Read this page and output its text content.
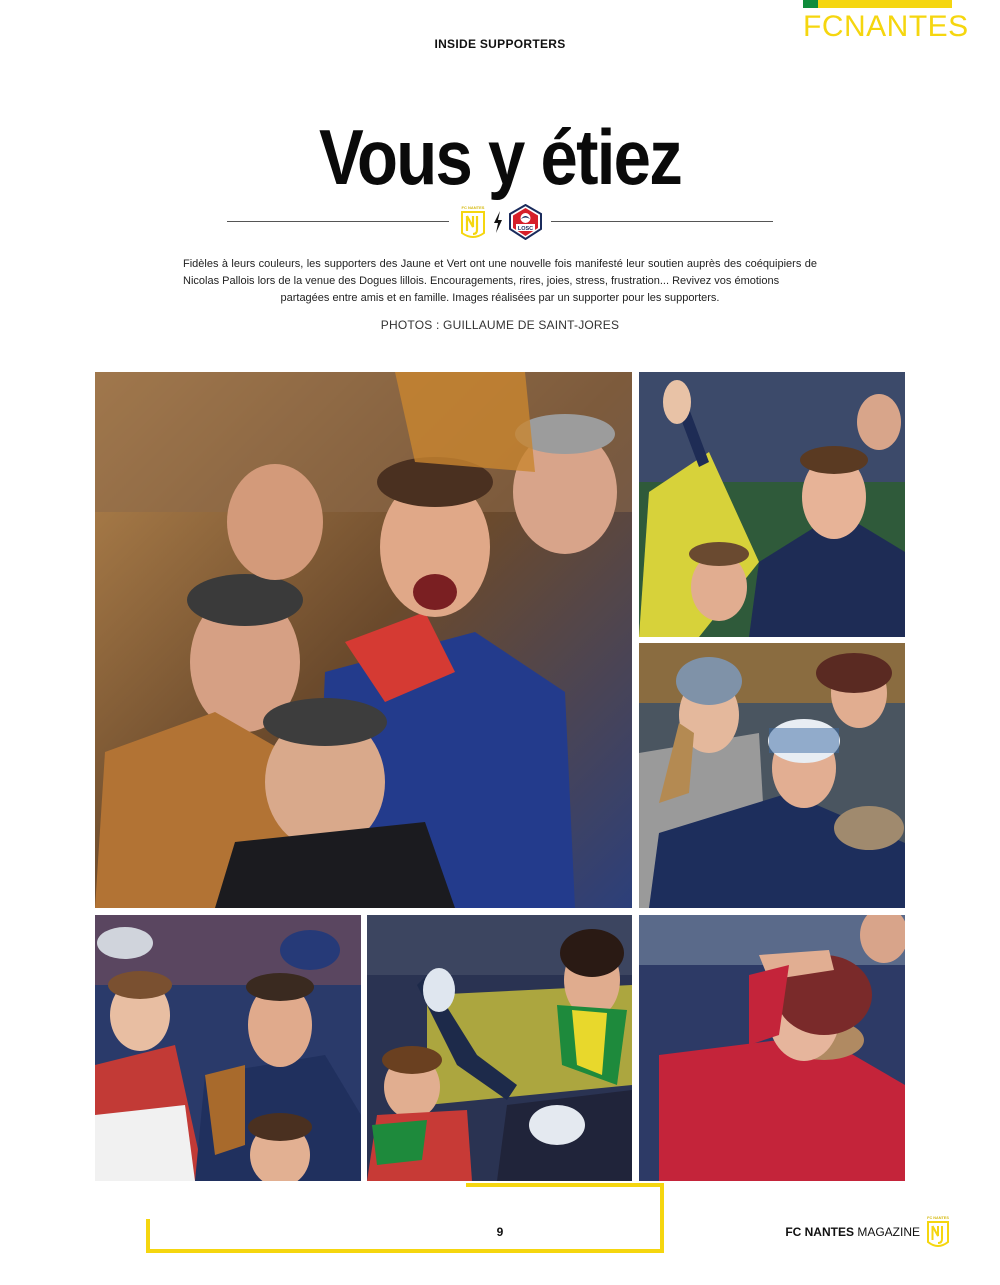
FCNANTES
INSIDE SUPPORTERS
Vous y étiez
FC NANTES
LOSC
Fidèles à leurs couleurs, les supporters des Jaune et Vert ont une nouvelle fois manifesté leur soutien auprès des coéquipiers de Nicolas Pallois lors de la venue des Dogues lillois. Encouragements, rires, joies, stress, frustration... Revivez vos émotions
partagées entre amis et en famille. Images réalisées par un supporter pour les supporters.
PHOTOS : GUILLAUME DE SAINT-JORES
9	FC NANTES MAGAZINE
FC NANTES
